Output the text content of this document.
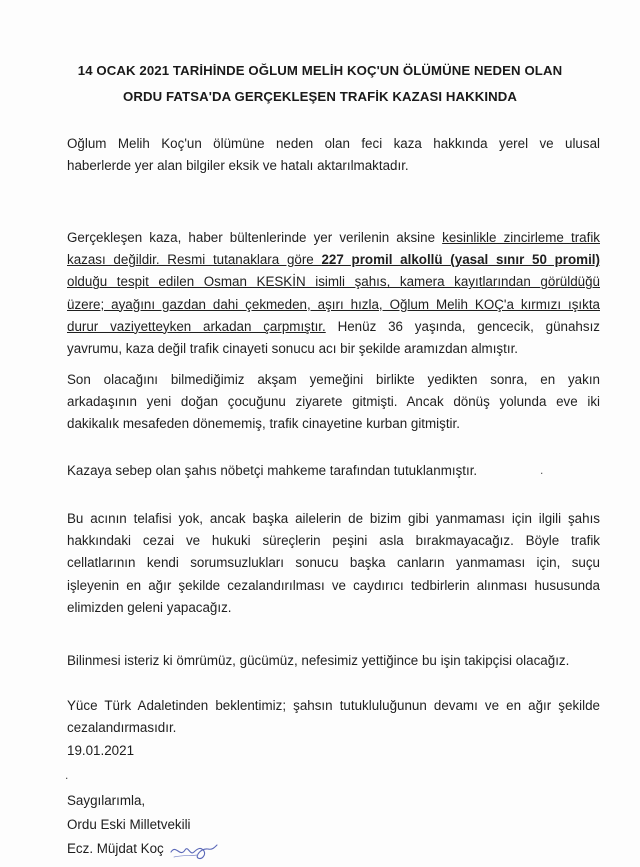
14 OCAK 2021 TARİHİNDE OĞLUM MELİH KOÇ'UN ÖLÜMÜNE NEDEN OLAN
ORDU FATSA'DA GERÇEKLEŞEN TRAFİK KAZASI HAKKINDA
Oğlum Melih Koç'un ölümüne neden olan feci kaza hakkında yerel ve ulusal
haberlerde yer alan bilgiler eksik ve hatalı aktarılmaktadır.
Gerçekleşen kaza, haber bültenlerinde yer verilenin aksine kesinlikle zincirleme trafik
kazası değildir. Resmi tutanaklara göre 227 promil alkollü (yasal sınır 50 promil)
olduğu tespit edilen Osman KESKİN isimli şahıs, kamera kayıtlarından görüldüğü
üzere; ayağını gazdan dahi çekmeden, aşırı hızla, Oğlum Melih KOÇ'a kırmızı ışıkta
durur vaziyetteyken arkadan çarpmıştır. Henüz 36 yaşında, gencecik, günahsız
yavrumu, kaza değil trafik cinayeti sonucu acı bir şekilde aramızdan almıştır.
Son olacağını bilmediğimiz akşam yemeğini birlikte yedikten sonra, en yakın
arkadaşının yeni doğan çocuğunu ziyarete gitmişti. Ancak dönüş yolunda eve iki
dakikalık mesafeden dönememiş, trafik cinayetine kurban gitmiştir.
Kazaya sebep olan şahıs nöbetçi mahkeme tarafından tutuklanmıştır.	.
Bu acının telafisi yok, ancak başka ailelerin de bizim gibi yanmaması için ilgili şahıs
hakkındaki cezai ve hukuki süreçlerin peşini asla bırakmayacağız. Böyle trafik
cellatlarının kendi sorumsuzlukları sonucu başka canların yanmaması için, suçu
işleyenin en ağır şekilde cezalandırılması ve caydırıcı tedbirlerin alınması hususunda
elimizden geleni yapacağız.
Bilinmesi isteriz ki ömrümüz, gücümüz, nefesimiz yettiğince bu işin takipçisi olacağız.
Yüce Türk Adaletinden beklentimiz; şahsın tutukluluğunun devamı ve en ağır şekilde
cezalandırmasıdır.
19.01.2021
.
Saygılarımla,
Ordu Eski Milletvekili
Ecz. Müjdat Koç
